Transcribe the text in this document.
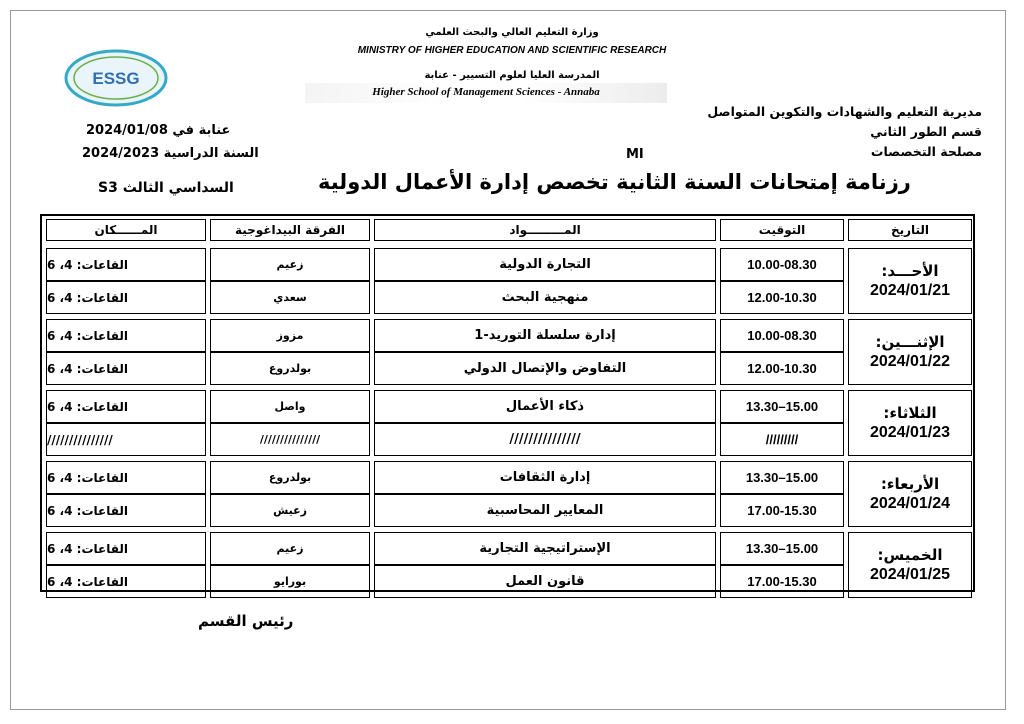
ESSG
وزارة التعليم العالي والبحث العلمي
MINISTRY OF HIGHER EDUCATION AND SCIENTIFIC RESEARCH
المدرسة العليا لعلوم التسيير - عنابة
Higher School of Management Sciences - Annaba
مديرية التعليم والشهادات والتكوين المتواصل
قسم الطور الثاني
مصلحة التخصصات
عنابة في 2024/01/08
السنة الدراسية 2024/2023	MI
رزنامة إمتحانات السنة الثانية تخصص إدارة الأعمال الدولية
السداسي الثالث S3
المــــــكان	الفرقة البيداغوجية	المـــــــــواد	التوقيت	التاريخ
الأحـــد:
2024/01/21
القاعات: 4، 6	زعيم	التجارة الدولية	10.00-08.30
القاعات: 4، 6	سعدي	منهجية البحث	12.00-10.30
الإثنـــين:
2024/01/22
القاعات: 4، 6	مزوز	إدارة سلسلة التوريد-1	10.00-08.30
القاعات: 4، 6	بولدروع	التفاوض والإتصال الدولي	12.00-10.30
الثلاثاء:
2024/01/23
القاعات: 4، 6	واصل	ذكاء الأعمال	15.00–13.30
///////////////	///////////////	///////////////	/////////
الأربعاء:
2024/01/24
القاعات: 4، 6	بولدروع	إدارة الثقافات	15.00–13.30
القاعات: 4، 6	زعيش	المعايير المحاسبية	17.00-15.30
الخميس:
2024/01/25
القاعات: 4، 6	زعيم	الإستراتيجية التجارية	15.00–13.30
القاعات: 4، 6	بورايو	قانون العمل	17.00-15.30
رئيس القسم
